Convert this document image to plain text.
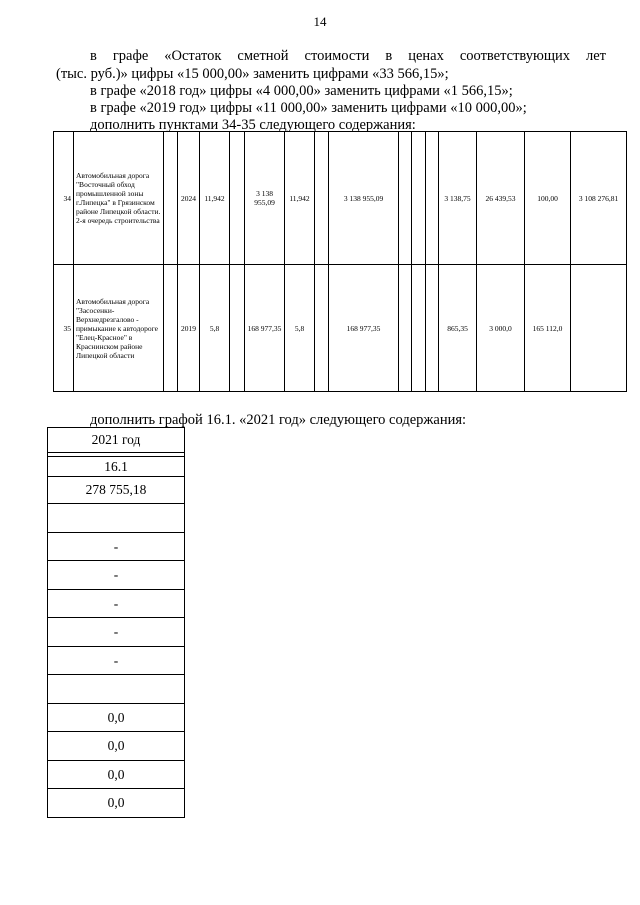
14
в графе «Остаток сметной стоимости в ценах соответствующих лет
(тыс. руб.)» цифры «15 000,00» заменить цифрами «33 566,15»;
в графе «2018 год» цифры «4 000,00» заменить цифрами «1 566,15»;
в графе «2019 год» цифры «11 000,00» заменить цифрами «10 000,00»;
дополнить пунктами 34-35 следующего содержания:
34	Автомобильная дорога "Восточный обход промышленной зоны г.Липецка" в Грязинском районе Липецкой области. 2-я очередь строительства		2024	11,942		3 138 955,09	11,942		3 138 955,09				3 138,75	26 439,53	100,00	3 108 276,81
35	Автомобильная дорога "Засосенки-Верхнедрезгалово - примыкание к автодороге "Елец-Красное" в Краснинском районе Липецкой области		2019	5,8		168 977,35	5,8		168 977,35				865,35	3 000,0	165 112,0	
дополнить графой 16.1. «2021 год» следующего содержания:
2021 год

16.1
278 755,18

-
-
-
-
-

0,0
0,0
0,0
0,0
